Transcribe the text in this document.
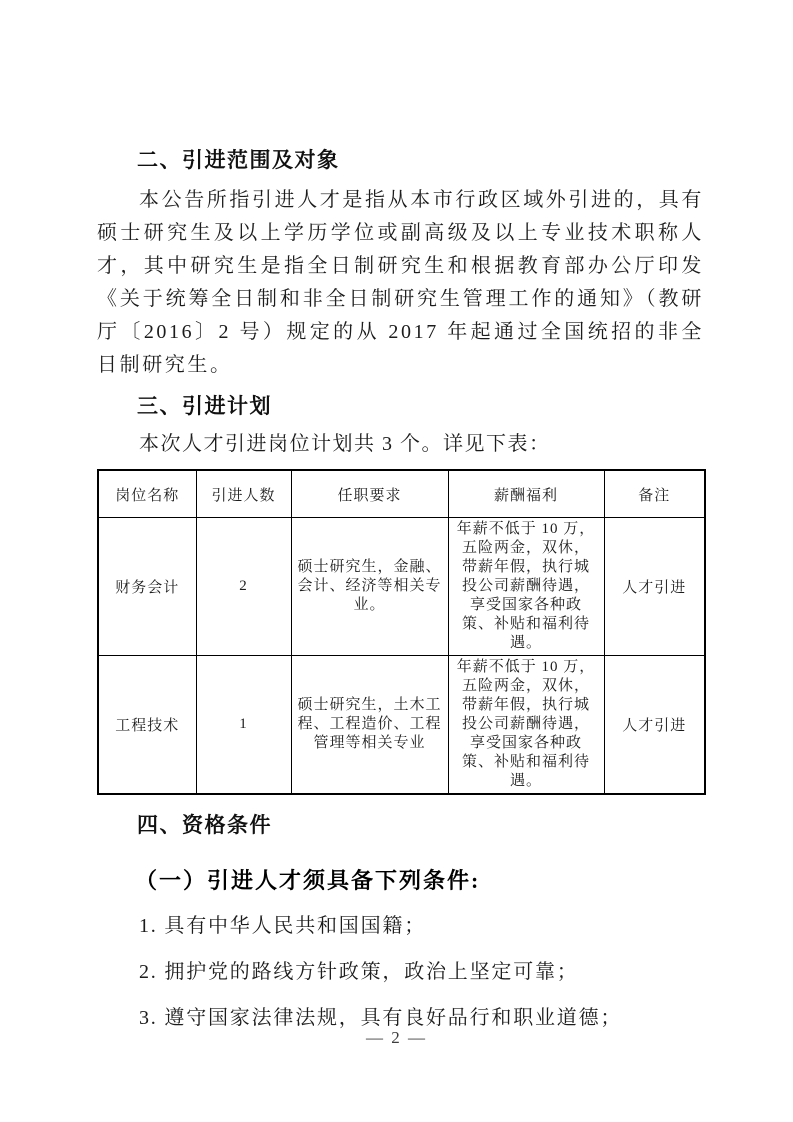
二、引进范围及对象

本公告所指引进人才是指从本市行政区域外引进的，具有硕士研究生及以上学历学位或副高级及以上专业技术职称人才，其中研究生是指全日制研究生和根据教育部办公厅印发《关于统筹全日制和非全日制研究生管理工作的通知》（教研厅〔2016〕2 号）规定的从 2017 年起通过全国统招的非全日制研究生。

三、引进计划

本次人才引进岗位计划共 3 个。详见下表：

岗位名称	引进人数	任职要求	薪酬福利	备注
财务会计	2	硕士研究生，金融、会计、经济等相关专业。	年薪不低于 10 万，五险两金，双休，带薪年假，执行城投公司薪酬待遇，享受国家各种政策、补贴和福利待遇。	人才引进
工程技术	1	硕士研究生，土木工程、工程造价、工程管理等相关专业	年薪不低于 10 万，五险两金，双休，带薪年假，执行城投公司薪酬待遇，享受国家各种政策、补贴和福利待遇。	人才引进
四、资格条件
（一）引进人才须具备下列条件:

1. 具有中华人民共和国国籍；

2. 拥护党的路线方针政策，政治上坚定可靠；

3. 遵守国家法律法规，具有良好品行和职业道德；

— 2 —
